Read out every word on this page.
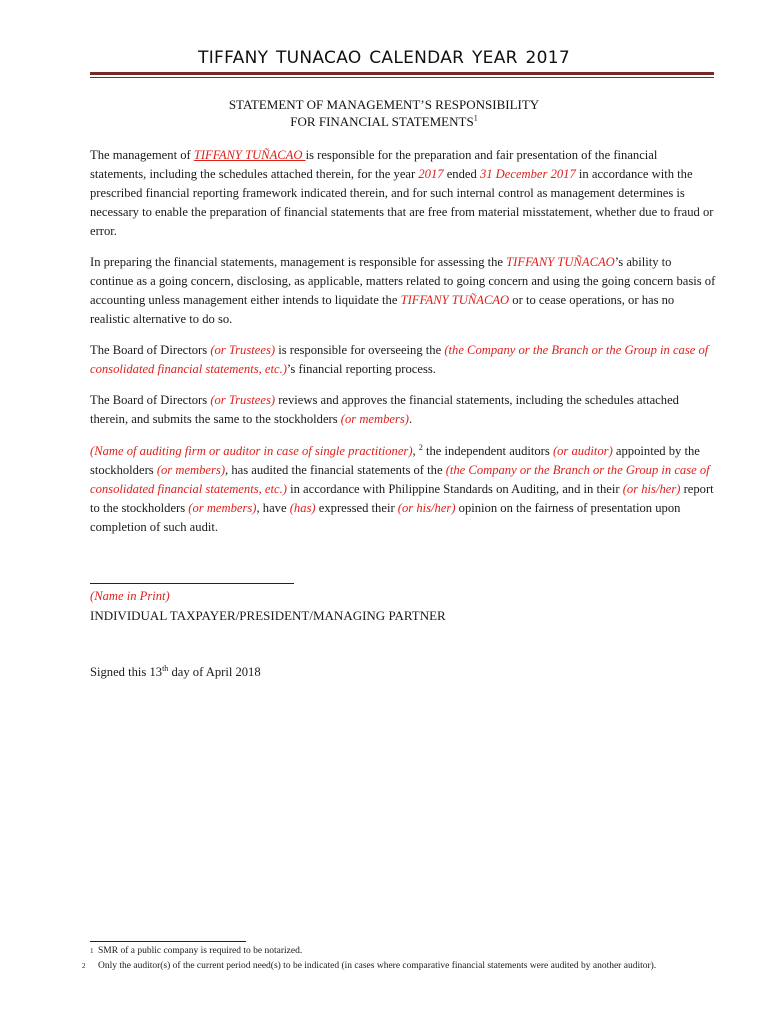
TIFFANY TUNACAO CALENDAR YEAR 2017
STATEMENT OF MANAGEMENT’S RESPONSIBILITY
FOR FINANCIAL STATEMENTS$^1$
The management of TIFFANY TUÑACAO is responsible for the preparation and fair presentation of the financial statements, including the schedules attached therein, for the year 2017 ended 31 December 2017 in accordance with the prescribed financial reporting framework indicated therein, and for such internal control as management determines is necessary to enable the preparation of financial statements that are free from material misstatement, whether due to fraud or error.
In preparing the financial statements, management is responsible for assessing the TIFFANY TUÑACAO’s ability to continue as a going concern, disclosing, as applicable, matters related to going concern and using the going concern basis of accounting unless management either intends to liquidate the TIFFANY TUÑACAO or to cease operations, or has no realistic alternative to do so.
The Board of Directors (or Trustees) is responsible for overseeing the (the Company or the Branch or the Group in case of consolidated financial statements, etc.)’s financial reporting process.
The Board of Directors (or Trustees) reviews and approves the financial statements, including the schedules attached therein, and submits the same to the stockholders (or members).
(Name of auditing firm or auditor in case of single practitioner), $^2$ the independent auditors (or auditor) appointed by the stockholders (or members), has audited the financial statements of the (the Company or the Branch or the Group in case of consolidated financial statements, etc.) in accordance with Philippine Standards on Auditing, and in their (or his/her) report to the stockholders (or members), have (has) expressed their (or his/her) opinion on the fairness of presentation upon completion of such audit.
(Name in Print)
INDIVIDUAL TAXPAYER/PRESIDENT/MANAGING PARTNER
Signed this 13th day of April 2018
1 SMR of a public company is required to be notarized.
2 Only the auditor(s) of the current period need(s) to be indicated (in cases where comparative financial statements were audited by another auditor).
